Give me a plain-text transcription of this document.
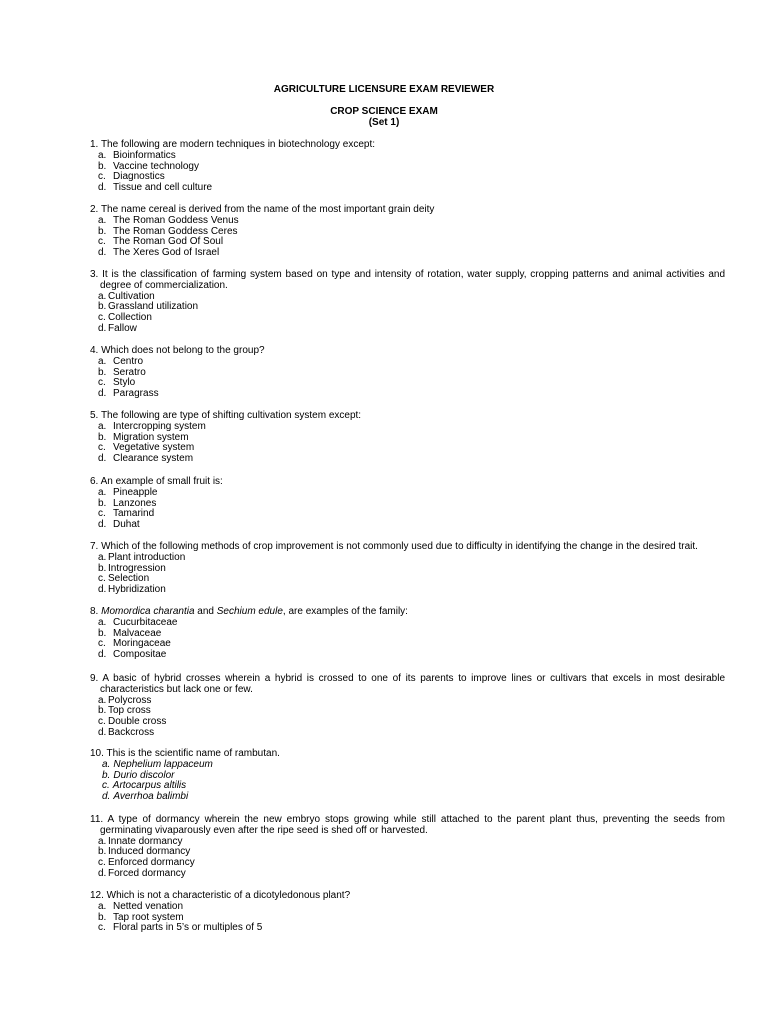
AGRICULTURE LICENSURE EXAM REVIEWER
CROP SCIENCE EXAM
(Set 1)
1. The following are modern techniques in biotechnology except:
a. Bioinformatics
b. Vaccine technology
c. Diagnostics
d. Tissue and cell culture
2. The name cereal is derived from the name of the most important grain deity
a. The Roman Goddess Venus
b. The Roman Goddess Ceres
c. The Roman God Of Soul
d. The Xeres God of Israel
3. It is the classification of farming system based on type and intensity of rotation, water supply, cropping patterns and animal activities and degree of commercialization.
a. Cultivation
b. Grassland utilization
c. Collection
d. Fallow
4. Which does not belong to the group?
a. Centro
b. Seratro
c. Stylo
d. Paragrass
5. The following are type of shifting cultivation system except:
a. Intercropping system
b. Migration system
c. Vegetative system
d. Clearance system
6. An example of small fruit is:
a. Pineapple
b. Lanzones
c. Tamarind
d. Duhat
7. Which of the following methods of crop improvement is not commonly used due to difficulty in identifying the change in the desired trait.
a. Plant introduction
b. Introgression
c. Selection
d. Hybridization
8. Momordica charantia and Sechium edule, are examples of the family:
a. Cucurbitaceae
b. Malvaceae
c. Moringaceae
d. Compositae
9. A basic of hybrid crosses wherein a hybrid is crossed to one of its parents to improve lines or cultivars that excels in most desirable characteristics but lack one or few.
a. Polycross
b. Top cross
c. Double cross
d. Backcross
10. This is the scientific name of rambutan.
a. Nephelium lappaceum
b. Durio discolor
c. Artocarpus altilis
d. Averrhoa balimbi
11. A type of dormancy wherein the new embryo stops growing while still attached to the parent plant thus, preventing the seeds from germinating vivaparously even after the ripe seed is shed off or harvested.
a. Innate dormancy
b. Induced dormancy
c. Enforced dormancy
d. Forced dormancy
12. Which is not a characteristic of a dicotyledonous plant?
a. Netted venation
b. Tap root system
c. Floral parts in 5’s or multiples of 5
